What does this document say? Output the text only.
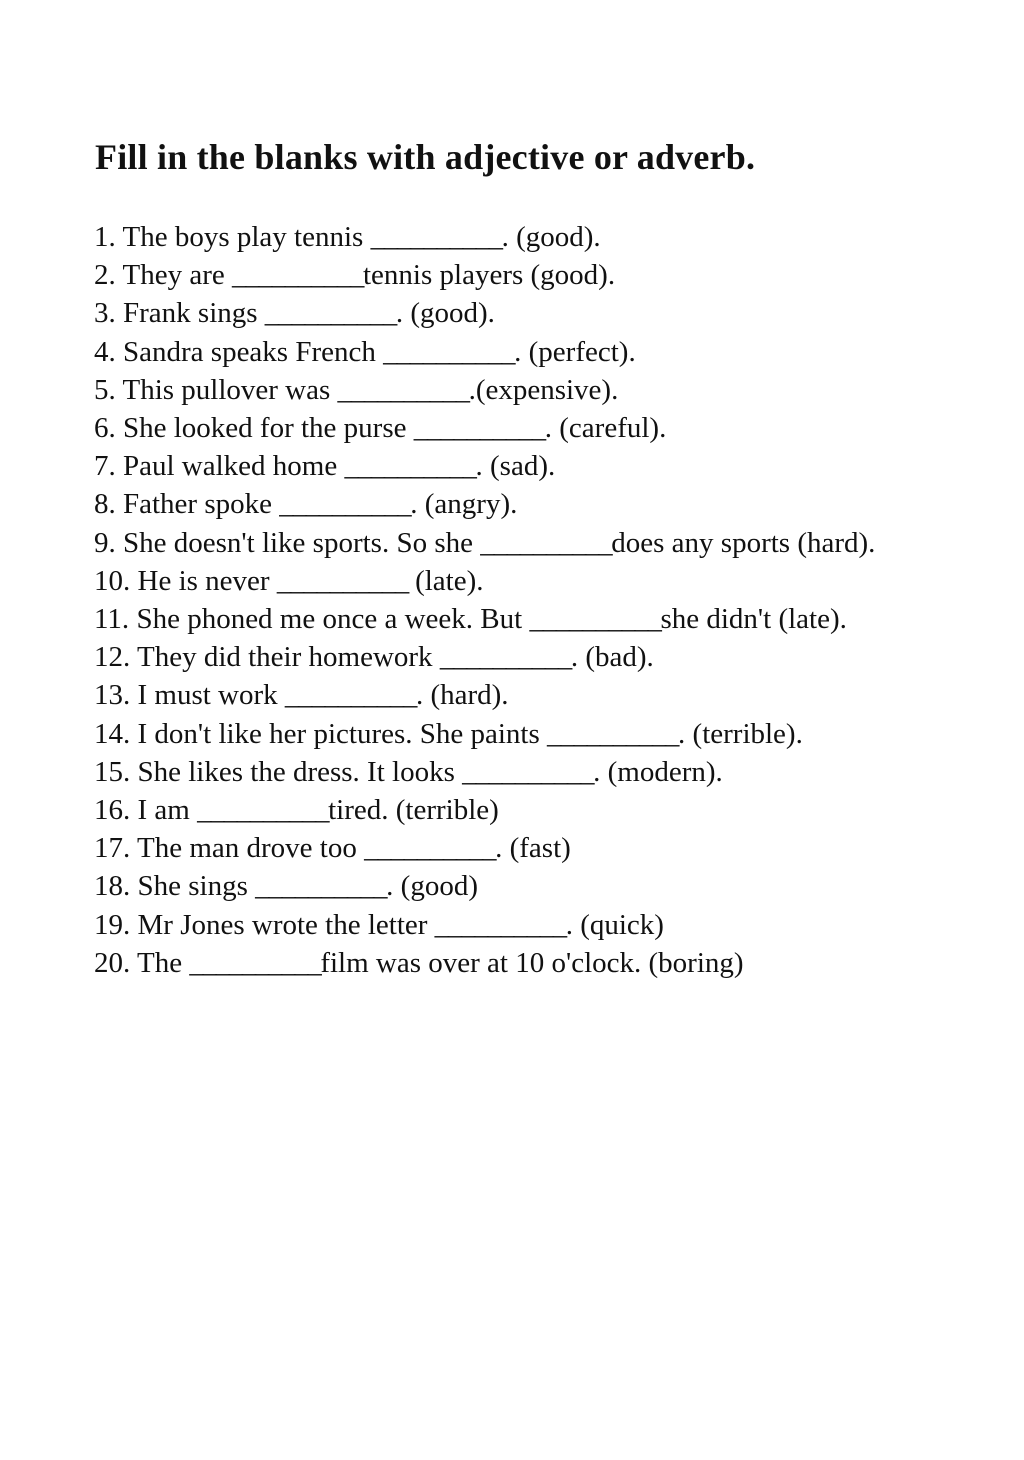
Fill in the blanks with adjective or adverb.
1. The boys play tennis __________. (good).
2. They are __________tennis players (good).
3. Frank sings __________. (good).
4. Sandra speaks French __________. (perfect).
5. This pullover was __________.(expensive).
6. She looked for the purse __________. (careful).
7. Paul walked home __________. (sad).
8. Father spoke __________. (angry).
9. She doesn't like sports. So she __________does any sports (hard).
10. He is never __________ (late).
11. She phoned me once a week. But __________she didn't (late).
12. They did their homework __________. (bad).
13. I must work __________. (hard).
14. I don't like her pictures. She paints __________. (terrible).
15. She likes the dress. It looks __________. (modern).
16. I am __________tired. (terrible)
17. The man drove too __________. (fast)
18. She sings __________. (good)
19. Mr Jones wrote the letter __________. (quick)
20. The __________film was over at 10 o'clock. (boring)
